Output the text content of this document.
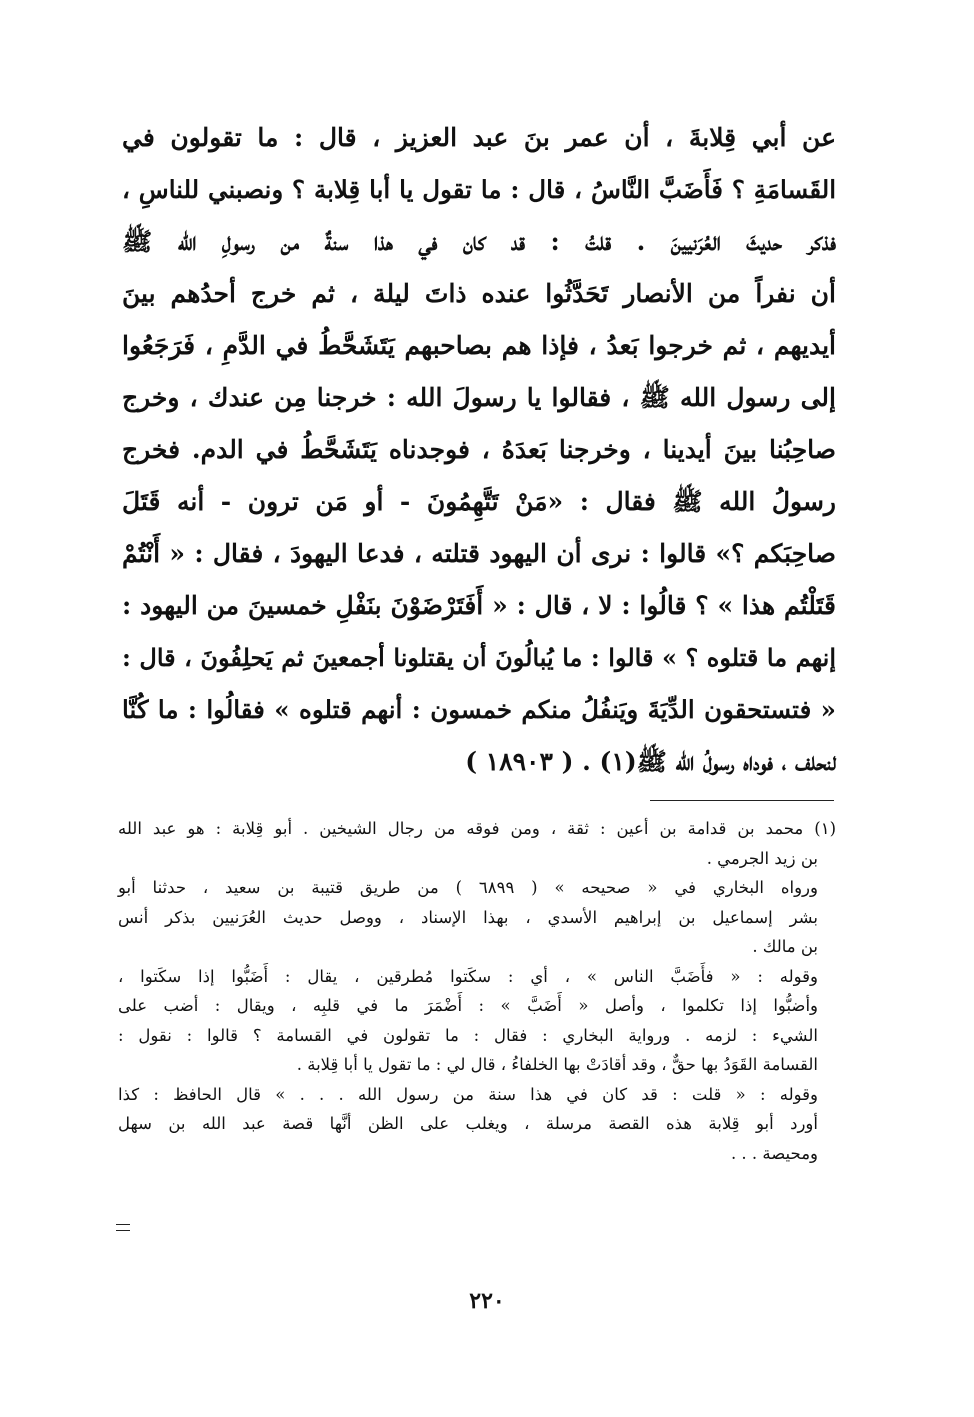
عن أبي قِلابةَ ، أن عمر بنَ عبد العزيز ، قال : ما تقولون في
القَسامَةِ ؟ فَأَضَبَّ النَّاسُ ، قال : ما تقول يا أبا قِلابة ؟ ونصبني للناسِ ،
فذكر حديثَ العُرَنيينَ . قلتُ : قد كان في هذا سنةٌ من رسولِ الله ﷺ
أن نفراً من الأنصار تَحَدَّثُوا عنده ذاتَ ليلة ، ثم خرج أحدُهم بينَ
أيديهم ، ثم خرجوا بَعدُ ، فإذا هم بصاحبهم يَتَشَحَّطُ في الدَّمِ ، فَرَجَعُوا
إلى رسول الله ﷺ ، فقالوا يا رسولَ الله : خرجنا مِن عندك ، وخرج
صاحِبُنا بينَ أيدينا ، وخرجنا بَعدَهُ ، فوجدناه يَتَشَحَّطُ في الدم. فخرج
رسولُ الله ﷺ فقال : «مَنْ تَتَّهِمُونَ - أو مَن ترون - أنه قَتَلَ
صاحِبَكم ؟» قالوا : نرى أن اليهود قتلته ، فدعا اليهودَ ، فقال : « أَنْتُمْ
قَتَلْتُم هذا » ؟ قالُوا : لا ، قال : « أَفَتَرْضَوْنَ بنَفْلِ خمسينَ من اليهود :
إنهم ما قتلوه ؟ » قالوا : ما يُبالُونَ أن يقتلونا أجمعينَ ثم يَحلِفُونَ ، قال :
« فتستحقون الدِّيَةَ ويَنفُلُ منكم خمسون : أنهم قتلوه » فقالُوا : ما كُنَّا
لنحلف ، فوداه رسولُ الله ﷺ(١) . ( ١٨٩٠٣ )
(١) محمد بن قدامة بن أعين : ثقة ، ومن فوقه من رجال الشيخين . أبو قِلابة : هو عبد الله
بن زيد الجرمي .
ورواه البخاري في « صحيحه » ( ٦٨٩٩ ) من طريق قتيبة بن سعيد ، حدثنا أبو
بشر إسماعيل بن إبراهيم الأسدي ، بهذا الإسناد ، ووصل حديث العُرَنيين بذكر أنس
بن مالك .
وقوله : « فأَضَبَّ الناس » ، أي : سكَتوا مُطرقين ، يقال : أَضَبُّوا إذا سكَتوا ،
وأضبُّوا إذا تكلموا ، وأصل « أَضَبَّ » : أَضْمَرَ ما في قلبِه ، ويقال : أضب على
الشيء : لزمه . ورواية البخاري : فقال : ما تقولون في القسامة ؟ قالوا : نقول :
القسامة القَوَدُ بها حقٌّ ، وقد أقادَتْ بها الخلفاءُ ، قال لي : ما تقول يا أبا قِلابة .
وقوله : « قلت : قد كان في هذا سنة من رسول الله . . . » قال الحافظ : كذا
أورد أبو قِلابة هذه القصة مرسلة ، ويغلب على الظن أنَّها قصة عبد الله بن سهل
ومحيصة . . .
٢٢٠
